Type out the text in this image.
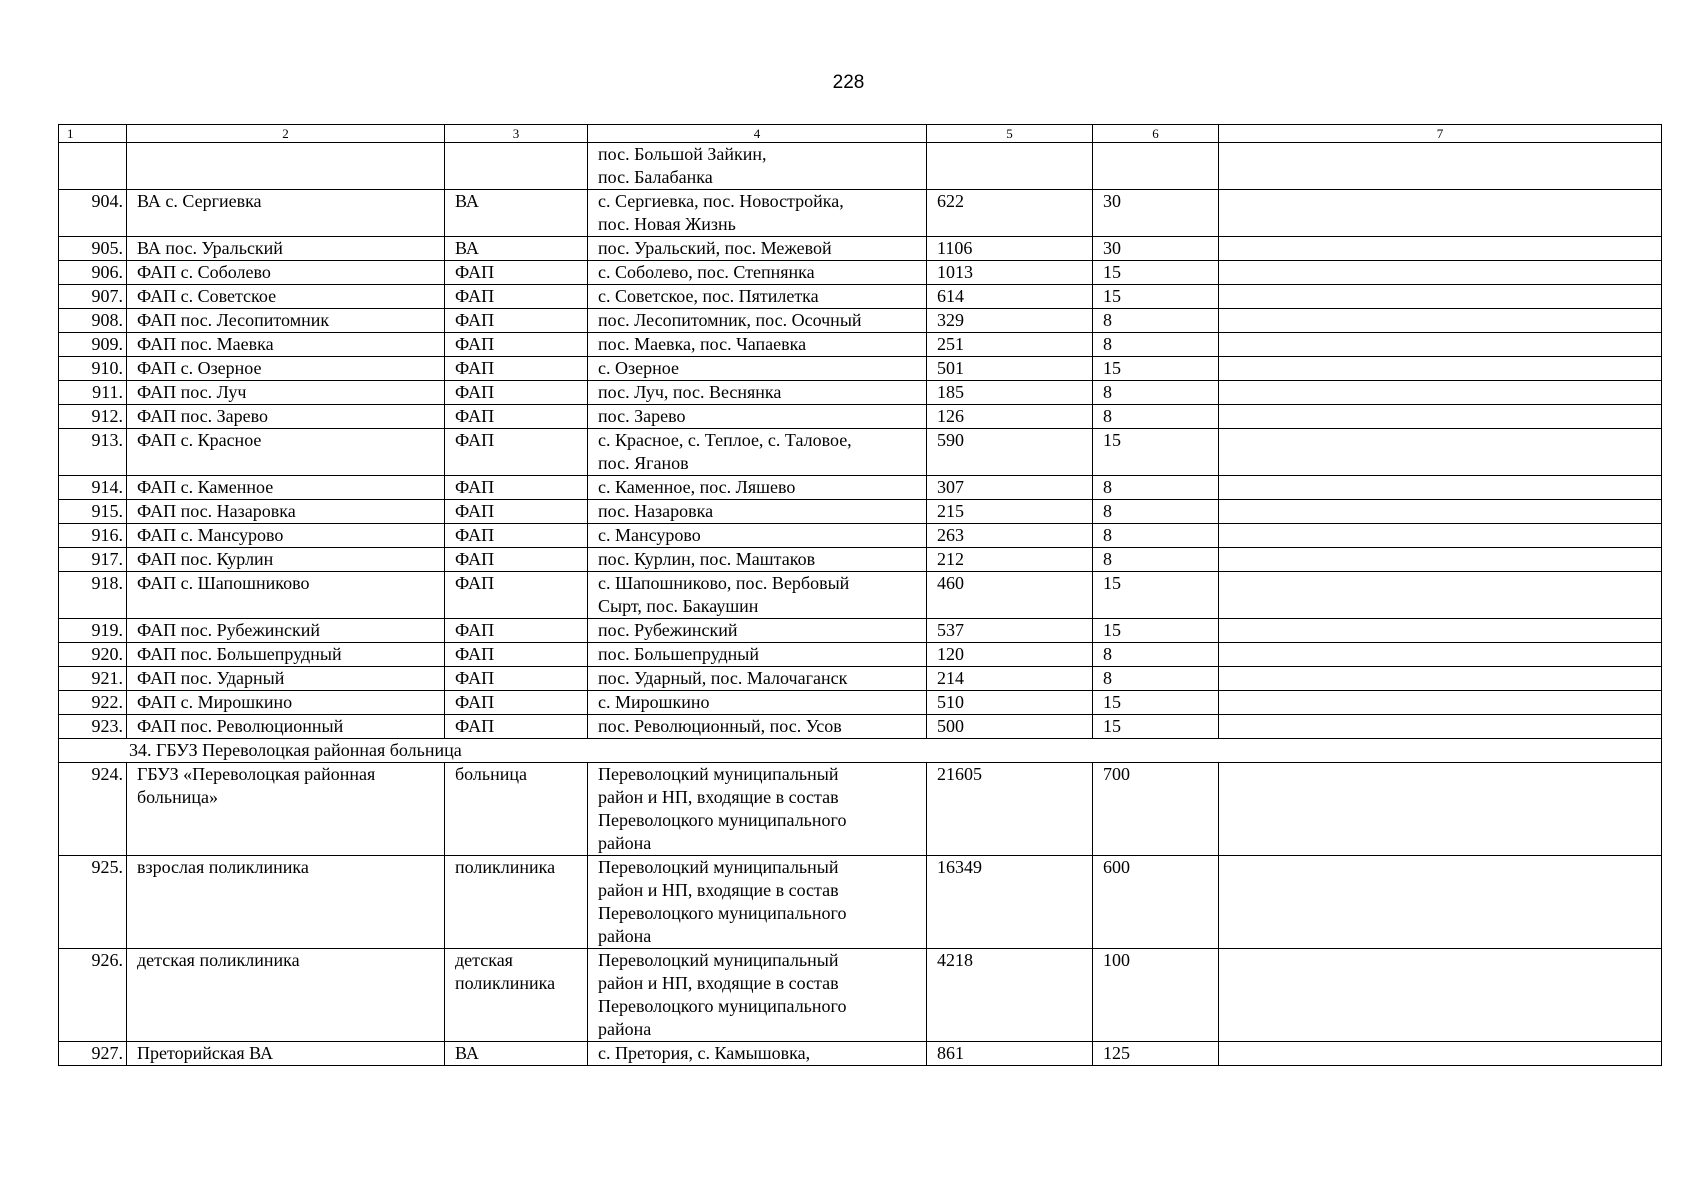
228
1	2	3	4	5	6	7
			пос. Большой Зайкин,
пос. Балабанка			
904.	ВА с. Сергиевка	ВА	с. Сергиевка, пос. Новостройка,
пос. Новая Жизнь	622	30	
905.	ВА пос. Уральский	ВА	пос. Уральский, пос. Межевой	1106	30	
906.	ФАП с. Соболево	ФАП	с. Соболево, пос. Степнянка	1013	15	
907.	ФАП с. Советское	ФАП	с. Советское, пос. Пятилетка	614	15	
908.	ФАП пос. Лесопитомник	ФАП	пос. Лесопитомник, пос. Осочный	329	8	
909.	ФАП пос. Маевка	ФАП	пос. Маевка, пос. Чапаевка	251	8	
910.	ФАП с. Озерное	ФАП	с. Озерное	501	15	
911.	ФАП пос. Луч	ФАП	пос. Луч, пос. Веснянка	185	8	
912.	ФАП пос. Зарево	ФАП	пос. Зарево	126	8	
913.	ФАП с. Красное	ФАП	с. Красное, с. Теплое, с. Таловое,
пос. Яганов	590	15	
914.	ФАП с. Каменное	ФАП	с. Каменное, пос. Ляшево	307	8	
915.	ФАП пос. Назаровка	ФАП	пос. Назаровка	215	8	
916.	ФАП с. Мансурово	ФАП	с. Мансурово	263	8	
917.	ФАП пос. Курлин	ФАП	пос. Курлин, пос. Маштаков	212	8	
918.	ФАП с. Шапошниково	ФАП	с. Шапошниково, пос. Вербовый
Сырт, пос. Бакаушин	460	15	
919.	ФАП пос. Рубежинский	ФАП	пос. Рубежинский	537	15	
920.	ФАП пос. Большепрудный	ФАП	пос. Большепрудный	120	8	
921.	ФАП пос. Ударный	ФАП	пос. Ударный, пос. Малочаганск	214	8	
922.	ФАП с. Мирошкино	ФАП	с. Мирошкино	510	15	
923.	ФАП пос. Революционный	ФАП	пос. Революционный, пос. Усов	500	15	
34. ГБУЗ Переволоцкая районная больница						
924.	ГБУЗ «Переволоцкая районная
больница»	больница	Переволоцкий муниципальный
район и НП, входящие в состав
Переволоцкого муниципального
района	21605	700	
925.	взрослая поликлиника	поликлиника	Переволоцкий муниципальный
район и НП, входящие в состав
Переволоцкого муниципального
района	16349	600	
926.	детская поликлиника	детская
поликлиника	Переволоцкий муниципальный
район и НП, входящие в состав
Переволоцкого муниципального
района	4218	100	
927.	Преторийская ВА	ВА	с. Претория, с. Камышовка,	861	125	
